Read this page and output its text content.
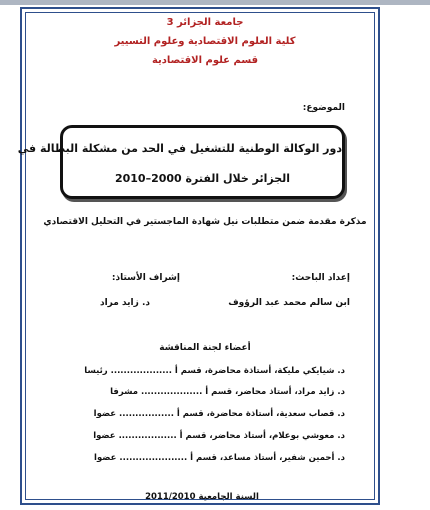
جامعة الجزائر 3
كلية العلوم الاقتصادية وعلوم التسيير
قسم علوم الاقتصادية
الموضوع:
دور الوكالة الوطنية للتشغيل في الحد من مشكلة البطالة في
الجزائر خلال الفترة 2000–2010
مذكرة مقدمة ضمن متطلبات نيل شهادة الماجستير في التحليل الاقتصادي
إعداد الباحث:
إشراف الأستاذ:
ابن سالم محمد عبد الرؤوف
د. زايد مراد
أعضاء لجنة المناقشة
د. شيايكي مليكة، أستاذة محاضرة، قسم أ ................... رئيسا
د. زايد مراد، أستاذ محاضر، قسم أ ................... مشرفا
د. قصاب سعدية، أستاذة محاضرة، قسم أ ................. عضوا
د. معوشي بوعلام، أستاذ محاضر، قسم أ .................. عضوا
د. أحمين شفير، أستاذ مساعد، قسم أ ..................... عضوا
السنة الجامعية 2011/2010
